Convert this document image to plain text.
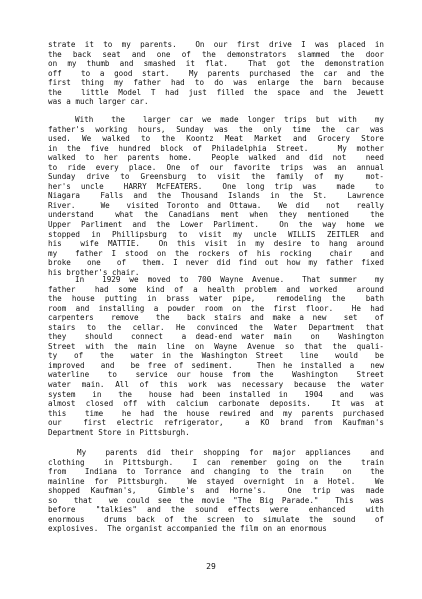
strate it to my parents.  On our first drive I was placed in
the back seat and one of the demonstrators slammed the door
on my thumb and smashed it flat.  That got the demonstration
off  to a good start.  My parents purchased the car and the
first thing my father had to do was enlarge the barn because
the  little Model T had just filled the space and the Jewett
was a much larger car.
With  the  larger car we made longer trips but with  my
father's working hours, Sunday was the only time the car was
used. We walked to the Koontz Meat Market and Grocery Store
in the five hundred block of Philadelphia Street.   My mother
walked to her parents home.  People walked and did not  need
to ride every place. One of our favorite trips was an annual
Sunday drive to Greensburg to visit the family of my  mot-
her's uncle  HARRY McFEATERS.  One long trip was  made  to
Niagara  Falls and the Thousand Islands in the St.  Lawrence
River.   We  visited Toronto and Ottawa.  We did  not  really
understand  what the Canadians ment when they mentioned  the
Upper Parliment and the Lower Parliment.  On the way home we
stopped in Phillipsburg to visit my uncle WILLIS ZEITLER and
his  wife MATTIE.  On this visit in my desire to hang around
my  father I stood on the rockers of his rocking  chair  and
broke  one  of  them. I never did find out how my father fixed
his brother's chair.
In  1929 we moved to 700 Wayne Avenue.  That summer  my
father  had some kind of a health problem and worked  around
the house putting in brass water pipe,  remodeling the  bath
room and installing a powder room on the first floor.  He had
carpenters  remove  the  back stairs and make a new  set  of
stairs to the cellar. He convinced the Water Department that
they  should  connect  a dead-end water main  on  Washington
Street with the main line on Wayne Avenue so that the quali-
ty  of  the  water in the Washington Street  line  would  be
improved  and  be free of sediment.   Then he installed a  new
waterline  to  service our house from the  Washington  Street
water main. All of this work was necessary because the water
system  in  the  house had been installed in  1904  and  was
almost closed off with calcium carbonate deposits.  It was at
this  time  he had the house rewired and my parents purchased
our  first electric refrigerator,  a KO brand from Kaufman's
Department Store in Pittsburgh.
My  parents did their shopping for major appliances  and
clothing  in Pittsburgh.  I can remember going on the  train
from  Indiana to Torrance and changing to the train  on  the
mainline for Pittsburgh.  We stayed overnight in a Hotel.  We
shopped Kaufman's,  Gimble's and Horne's.  One trip was made
so  that  we could see the movie "The Big Parade."  This  was
before  "talkies" and the sound effects were  enhanced  with
enormous  drums back of the screen to simulate the sound  of
explosives.  The organist accompanied the film on an enormous
29
